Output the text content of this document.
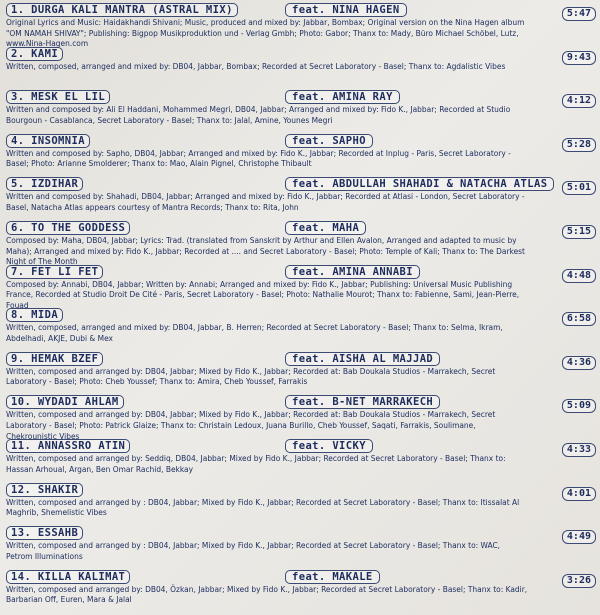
1. DURGA KALI MANTRA (ASTRAL MIX)	feat. NINA HAGEN	5:47
Original Lyrics and Music: Haidakhandi Shivani; Music, produced and mixed by: Jabbar, Bombax; Original version on the Nina Hagen album "OM NAMAH SHIVAY"; Publishing: Bigpop Musikproduktion und - Verlag Gmbh; Photo: Gabor; Thanx to: Mady, Büro Michael Schöbel, Lutz, www.Nina-Hagen.com
2. KAMI	9:43
Written, composed, arranged and mixed by: DB04, Jabbar, Bombax; Recorded at Secret Laboratory - Basel; Thanx to: Agdalistic Vibes
3. MESK EL LIL	feat. AMINA RAY	4:12
Written and composed by: Ali El Haddani, Mohammed Megri, DB04, Jabbar; Arranged and mixed by: Fido K., Jabbar; Recorded at Studio Bourgoun - Casablanca, Secret Laboratory - Basel; Thanx to: Jalal, Amine, Younes Megri
4. INSOMNIA	feat. SAPHO	5:28
Written and composed by: Sapho, DB04, Jabbar; Arranged and mixed by: Fido K., Jabbar; Recorded at Inplug - Paris, Secret Laboratory - Basel; Photo: Arianne Smolderer; Thanx to: Mao, Alain Pignel, Christophe Thibault
5. IZDIHAR	feat. ABDULLAH SHAHADI & NATACHA ATLAS	5:01
Written and composed by: Shahadi, DB04, Jabbar; Arranged and mixed by: Fido K., Jabbar; Recorded at Atlasi - London, Secret Laboratory - Basel, Natacha Atlas appears courtesy of Mantra Records; Thanx to: Rita, John
6. TO THE GODDESS	feat. MAHA	5:15
Composed by: Maha, DB04, Jabbar; Lyrics: Trad. (translated from Sanskrit by Arthur and Ellen Avalon, Arranged and adapted to music by Maha); Arranged and mixed by: Fido K., Jabbar; Recorded at .... and Secret Laboratory - Basel; Photo: Temple of Kali; Thanx to: The Darkest Night of The Month
7. FET LI FET	feat. AMINA ANNABI	4:48
Composed by: Annabi, DB04, Jabbar; Written by: Annabi; Arranged and mixed by: Fido K., Jabbar; Publishing: Universal Music Publishing France, Recorded at Studio Droit De Cité - Paris, Secret Laboratory - Basel; Photo: Nathalie Mourot; Thanx to: Fabienne, Sami, Jean-Pierre, Fouad
8. MIDA	6:58
Written, composed, arranged and mixed by: DB04, Jabbar, B. Herren; Recorded at Secret Laboratory - Basel; Thanx to: Selma, Ikram, Abdelhadi, AKJE, Dubi & Mex
9. HEMAK BZEF	feat. AISHA AL MAJJAD	4:36
Written, composed and arranged by: DB04, Jabbar; Mixed by Fido K., Jabbar; Recorded at: Bab Doukala Studios - Marrakech, Secret Laboratory - Basel; Photo: Cheb Youssef; Thanx to: Amira, Cheb Youssef, Farrakis
10. WYDADI AHLAM	feat. B-NET MARRAKECH	5:09
Written, composed and arranged by: DB04, Jabbar; Mixed by Fido K., Jabbar; Recorded at: Bab Doukala Studios - Marrakech, Secret Laboratory - Basel; Photo: Patrick Glaize; Thanx to: Christain Ledoux, Juana Burillo, Cheb Youssef, Saqati, Farrakis, Soulimane, Chekrounistic Vibes
11. ANNASSRO ATIN	feat. VICKY	4:33
Written, composed and arranged by: Seddiq, DB04, Jabbar; Mixed by Fido K., Jabbar; Recorded at Secret Laboratory - Basel; Thanx to: Hassan Arhoual, Argan, Ben Omar Rachid, Bekkay
12. SHAKIR	4:01
Written, composed and arranged by : DB04, Jabbar; Mixed by Fido K., Jabbar; Recorded at Secret Laboratory - Basel; Thanx to: Itissalat Al Maghrib, Shemelistic Vibes
13. ESSAHB	4:49
Written, composed and arranged by : DB04, Jabbar; Mixed by Fido K., Jabbar; Recorded at Secret Laboratory - Basel; Thanx to: WAC, Petrom Illuminations
14. KILLA KALIMAT	feat. MAKALE	3:26
Written, composed and arranged by: DB04, Özkan, Jabbar; Mixed by Fido K., Jabbar; Recorded at Secret Laboratory - Basel; Thanx to: Kadir, Barbarian Off, Euren, Mara & Jalal
